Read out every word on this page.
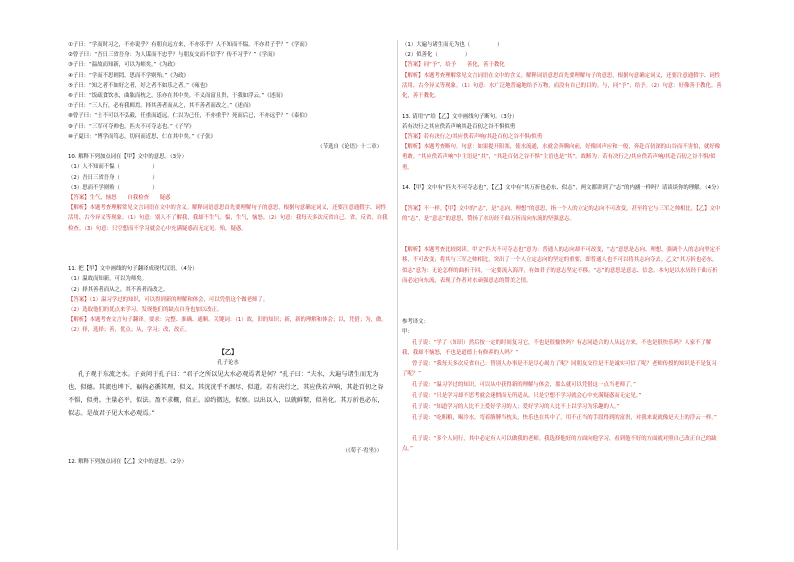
①子曰：“学而时习之，不亦说乎？有朋自远方来，不亦乐乎？人不知而不愠，不亦君子乎？”《学而》
②曾子曰：“吾日三省吾身：为人谋而不忠乎？与朋友交而不信乎？传不习乎？”《学而》
③子曰：“温故而知新，可以为师矣。”《为政》
④子曰：“学而不思则罔，思而不学则殆。”《为政》
⑤子曰：“知之者不如好之者，好之者不如乐之者。”《雍也》
⑥子曰：“饭疏食饮水，曲肱而枕之，乐亦在其中矣。不义而富且贵，于我如浮云。”《述而》
⑦子曰：“三人行，必有我师焉。择其善者而从之，其不善者而改之。”《述而》
⑧曾子曰：“士不可以不弘毅，任重而道远。仁以为己任，不亦重乎？死而后已，不亦远乎？”《泰伯》
⑨子曰：“三军可夺帅也，匹夫不可夺志也。”《子罕》
⑩子夏曰：“博学而笃志，切问而近思，仁在其中矣。”《子张》
（节选自《论语》十二章）
10. 解释下列加点词在【甲】文中的意思。（3分）
（1）人不知而不愠（　　　　　　）
（2）吾日三省吾身（　　　　　　）
（3）思而不学则殆（　　　　　　）
【答案】生气、恼怒　　自我检查　　疑惑
【解析】本题考查理解常见文言词语在文中的含义。解释词语意思首先要理解句子的意思，根据句意确定词义，还要注意通假字、词性活用、古今异义等现象。（1）句意：别人不了解我，我却不生气。愠，生气，恼怒。（2）句意：我每天多次反省自己。省，反省，自我检查。（3）句意：只空想而不学习就会心中充满疑惑而无定见。殆，疑惑。
11. 把【甲】文中画线的句子翻译成现代汉语。（4分）
（1）温故而知新，可以为师矣。
（2）择其善者而从之，其不善者而改之。
【答案】（1）温习学过的知识，可以得到新的理解和体会，可以凭借这个做老师了。
（2）选取他们的优点来学习，发现他们的缺点自身也加以改正。
【解析】本题考查文言句子翻译。要求：完整、准确、通顺。关键词：（1）故，旧的知识；新，新的理解和体会；以，凭借；为，做。（2）择，选择；善，优点；从，学习；改，改正。
【乙】
孔子论水
孔子观于东流之水。子贡问于孔子曰：“君子之所以见大水必观焉者是何？”孔子曰：“夫水，大遍与诸生而无为也，似德。其流也埤下，裾拘必循其理，似义。其洸洸乎不淈尽，似道。若有决行之，其应佚若声响，其赴百仞之谷不惧，似勇。主量必平，似法。盈不求概，似正。淖约微达，似察。以出以入，以就鲜絜，似善化。其万折也必东，似志。是故君子见大水必观焉。”
（《荀子·宥坐》）
12. 解释下列加点词在【乙】文中的意思。（2分）
（1）大遍与诸生而无为也（　　　　　）
（2）似善化（　　　　　）
【答案】同“予”，给予　　善化，善于教化
【解析】本题考查理解常见文言词语在文中的含义。解释词语意思首先要理解句子的意思，根据句意确定词义，还要注意通假字、词性活用、古今异义等现象。（1）句意：水广泛地普遍地给予万物，而没有自己的目的。与，同“予”，给予。（2）句意：好像善于教化。善化，善于教化。
13. 请用“/”给【乙】文中画线句子断句。（3分）
若有决行之其应佚若声响其赴百仞之谷不惧似勇
【答案】若有决行之/其应佚若声响/其赴百仞之谷不惧/似勇
【解析】本题考查断句。句意：如果提开阻塞，使水流通，水就会奔腾向前，好像回声应和一般，奔赴百仞深的山谷而不害怕，就好像勇敢。“其应佚若声响”中主语是“其”，“其赴百仞之谷不惧”主语也是“其”。故断为：若有决行之/其应佚若声响/其赴百仞之谷不惧/似勇。
14.【甲】文中有“匹夫不可夺志也”，【乙】文中有“其万折也必东，似志”，两文都讲到了“志”的内涵一样吗？请谈谈你的理解。（4分）
【答案】不一样。【甲】文中的“志”，是“志向，理想”的意思，指一个人的立定的志向不可改变，甚至将它与三军之帅相比。【乙】文中的“志”，是“意志”的意思，赞扬了水历经千曲万折而向东流的坚强意志。
【解析】本题考查比较阅读。甲文“匹夫不可夺志也”意为：普通人的志向却不可改变，“志”意思是志向、理想，强调个人的志向坚定不移，不可改变；将其与三军之帅相比，突出了一个人立定志向的坚定的重要，即普通人也不可以将其志向夺去。乙文“其万折也必东，似志”意为：无论怎样的曲折千回，一定要流入海洋，有如君子的意志坚定不移，“志”的意思是意志、信念。本句是以水历经千曲万折而必定向东流，表现了作者对水顽强意志的赞美之情。
参考译文：
甲：
孔子说：“学了（知识）然后按一定的时间复习它，不也是很愉快吗？有志同道合的人从远方来，不也是很快乐吗？人家不了解我，我却不恼怒，不也是道德上有修养的人吗？”
曾子说：“我每天多次反省自己：替别人办事是不是尽心竭力了呢？同朋友交往是不是诚实可信了呢？老师传授的知识是不是复习了呢？”
孔子说：“温习学过的知识，可以从中获得新的理解与体会，那么就可以凭借这一点当老师了。”
孔子说：“只是学习却不思考就会迷惘而无所适从，只是空想不学习就会心中充满疑惑而无定见。”
孔子说：“知道学习的人比不上爱好学习的人；爱好学习的人比不上以学习为乐趣的人。”
孔子说：“吃粗粮，喝冷水，弯着胳膊当枕头，快乐也在其中了。用不正当的手段得到的富贵，对我来说就像是天上的浮云一样。”
孔子说：“多个人同行，其中必定有人可以做我的老师。我选择他好的方面向他学习，看到他不好的方面就对照自己改正自己的缺点。”
